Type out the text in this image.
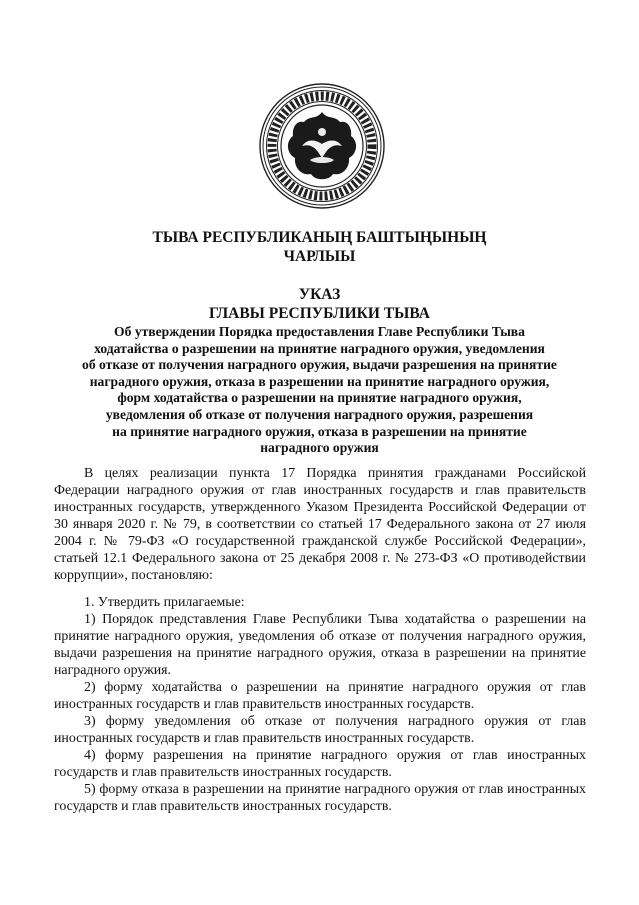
ТЫВА РЕСПУБЛИКАНЫҢ БАШТЫҢЫНЫҢ
ЧАРЛЫЫ

УКАЗ
ГЛАВЫ РЕСПУБЛИКИ ТЫВА

Об утверждении Порядка предоставления Главе Республики Тыва
ходатайства о разрешении на принятие наградного оружия, уведомления
об отказе от получения наградного оружия, выдачи разрешения на принятие
наградного оружия, отказа в разрешении на принятие наградного оружия,
форм ходатайства о разрешении на принятие наградного оружия,
уведомления об отказе от получения наградного оружия, разрешения
на принятие наградного оружия, отказа в разрешении на принятие
наградного оружия

В целях реализации пункта 17 Порядка принятия гражданами Российской Федерации наградного оружия от глав иностранных государств и глав правительств иностранных государств, утвержденного Указом Президента Российской Федерации от 30 января 2020 г. № 79, в соответствии со статьей 17 Федерального закона от 27 июля 2004 г. № 79-ФЗ «О государственной гражданской службе Российской Федерации», статьей 12.1 Федерального закона от 25 декабря 2008 г. № 273-ФЗ «О противодействии коррупции», постановляю:

1. Утвердить прилагаемые:

1) Порядок представления Главе Республики Тыва ходатайства о разрешении на принятие наградного оружия, уведомления об отказе от получения наградного оружия, выдачи разрешения на принятие наградного оружия, отказа в разрешении на принятие наградного оружия.

2) форму ходатайства о разрешении на принятие наградного оружия от глав иностранных государств и глав правительств иностранных государств.

3) форму уведомления об отказе от получения наградного оружия от глав иностранных государств и глав правительств иностранных государств.

4) форму разрешения на принятие наградного оружия от глав иностранных государств и глав правительств иностранных государств.

5) форму отказа в разрешении на принятие наградного оружия от глав иностранных государств и глав правительств иностранных государств.
